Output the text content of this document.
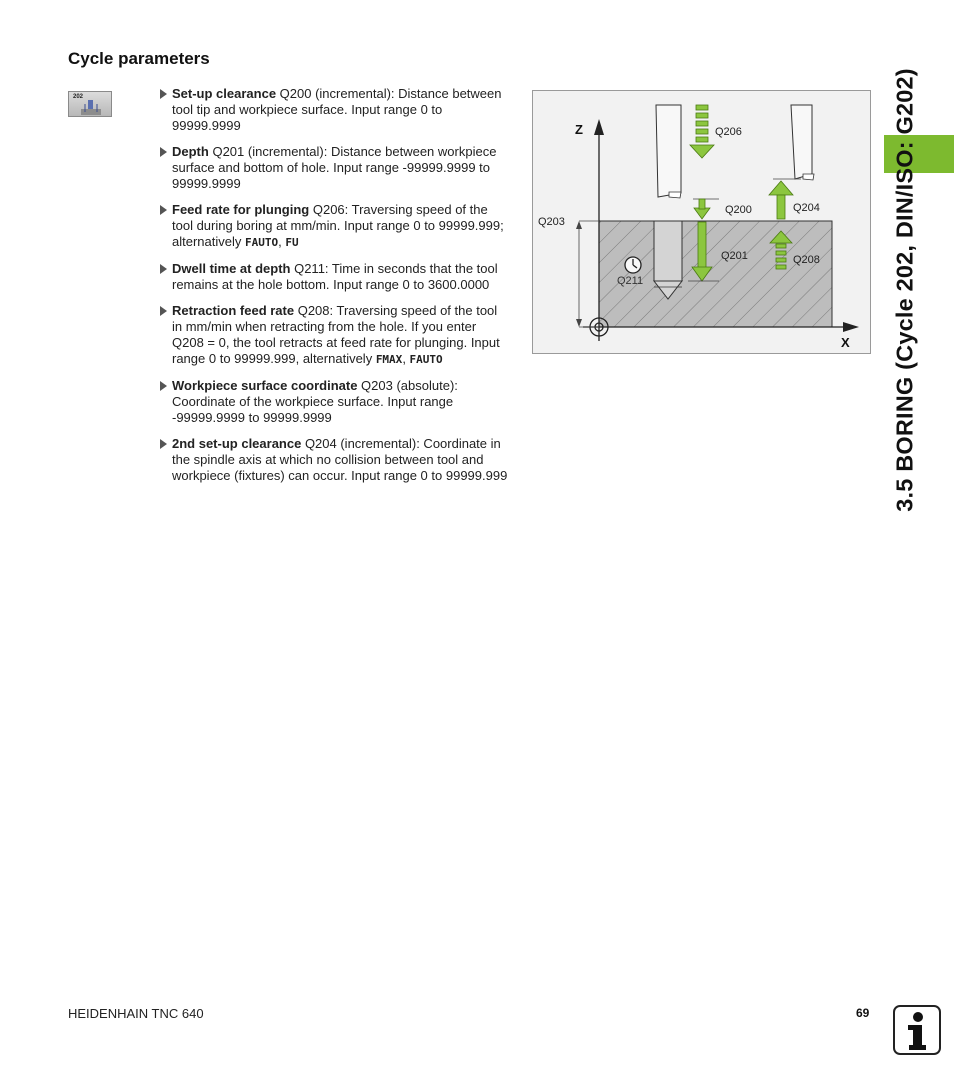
Cycle parameters
202	Set-up clearance Q200 (incremental): Distance between tool tip and workpiece surface. Input range 0 to 99999.9999
Depth Q201 (incremental): Distance between workpiece surface and bottom of hole. Input range -99999.9999 to 99999.9999
Feed rate for plunging Q206: Traversing speed of the tool during boring at mm/min. Input range 0 to 99999.999; alternatively FAUTO, FU
Dwell time at depth Q211: Time in seconds that the tool remains at the hole bottom. Input range 0 to 3600.0000
Retraction feed rate Q208: Traversing speed of the tool in mm/min when retracting from the hole. If you enter Q208 = 0, the tool retracts at feed rate for plunging. Input range 0 to 99999.999, alternatively FMAX, FAUTO
Workpiece surface coordinate Q203 (absolute): Coordinate of the workpiece surface. Input range -99999.9999 to 99999.9999
2nd set-up clearance Q204 (incremental): Coordinate in the spindle axis at which no collision between tool and workpiece (fixtures) can occur. Input range 0 to 99999.999
Z
X
Q203
Q206
Q200
Q201
Q204
Q208
Q211	3.5 BORING (Cycle 202, DIN/ISO: G202)
HEIDENHAIN TNC 640	69
